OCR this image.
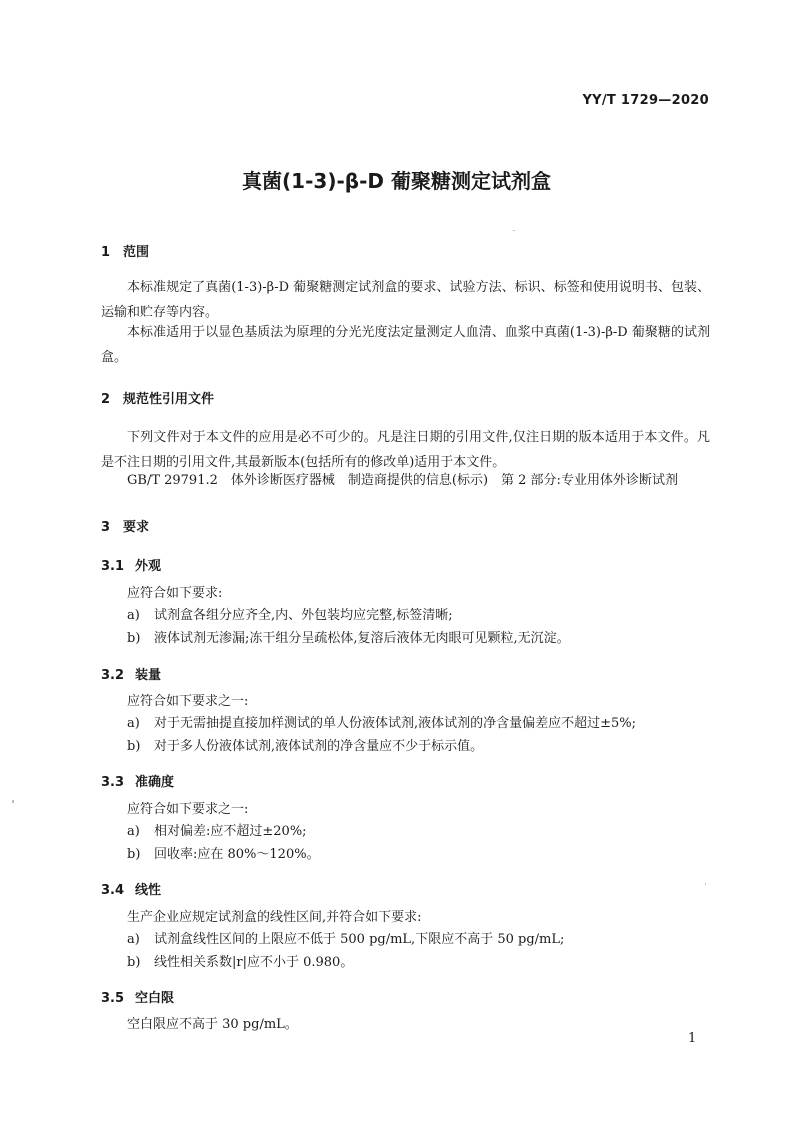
YY/T 1729—2020
真菌(1-3)-β-D 葡聚糖测定试剂盒
1 范围
本标准规定了真菌(1-3)-β-D 葡聚糖测定试剂盒的要求、试验方法、标识、标签和使用说明书、包装、运输和贮存等内容。
本标准适用于以显色基质法为原理的分光光度法定量测定人血清、血浆中真菌(1-3)-β-D 葡聚糖的试剂盒。
2 规范性引用文件
下列文件对于本文件的应用是必不可少的。凡是注日期的引用文件,仅注日期的版本适用于本文件。凡是不注日期的引用文件,其最新版本(包括所有的修改单)适用于本文件。
GB/T 29791.2　体外诊断医疗器械　制造商提供的信息(标示)　第 2 部分:专业用体外诊断试剂
3 要求
3.1 外观
应符合如下要求:
a) 试剂盒各组分应齐全,内、外包装均应完整,标签清晰;
b) 液体试剂无渗漏;冻干组分呈疏松体,复溶后液体无肉眼可见颗粒,无沉淀。
3.2 装量
应符合如下要求之一:
a) 对于无需抽提直接加样测试的单人份液体试剂,液体试剂的净含量偏差应不超过±5%;
b) 对于多人份液体试剂,液体试剂的净含量应不少于标示值。
3.3 准确度
应符合如下要求之一:
a) 相对偏差:应不超过±20%;
b) 回收率:应在 80%～120%。
3.4 线性
生产企业应规定试剂盒的线性区间,并符合如下要求:
a) 试剂盒线性区间的上限应不低于 500 pg/mL,下限应不高于 50 pg/mL;
b) 线性相关系数|r|应不小于 0.980。
3.5 空白限
空白限应不高于 30 pg/mL。
1
